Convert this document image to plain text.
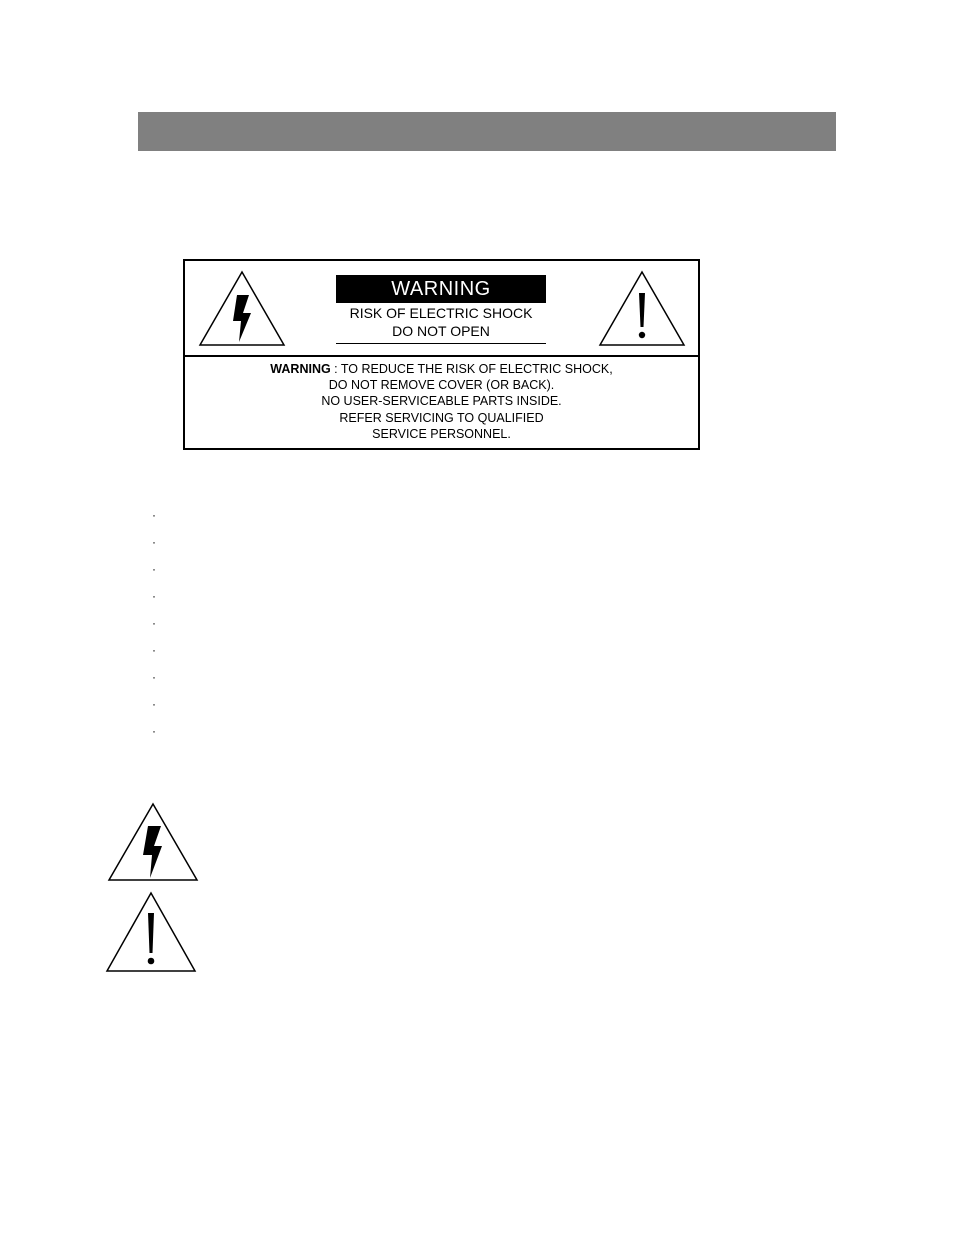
WARNING
RISK OF ELECTRIC SHOCK
DO NOT OPEN
WARNING : TO REDUCE THE RISK OF ELECTRIC SHOCK,
DO NOT REMOVE COVER (OR BACK).
NO USER-SERVICEABLE PARTS INSIDE.
REFER SERVICING TO QUALIFIED
SERVICE PERSONNEL.
·
·
·
·
·
·
·
·
·
